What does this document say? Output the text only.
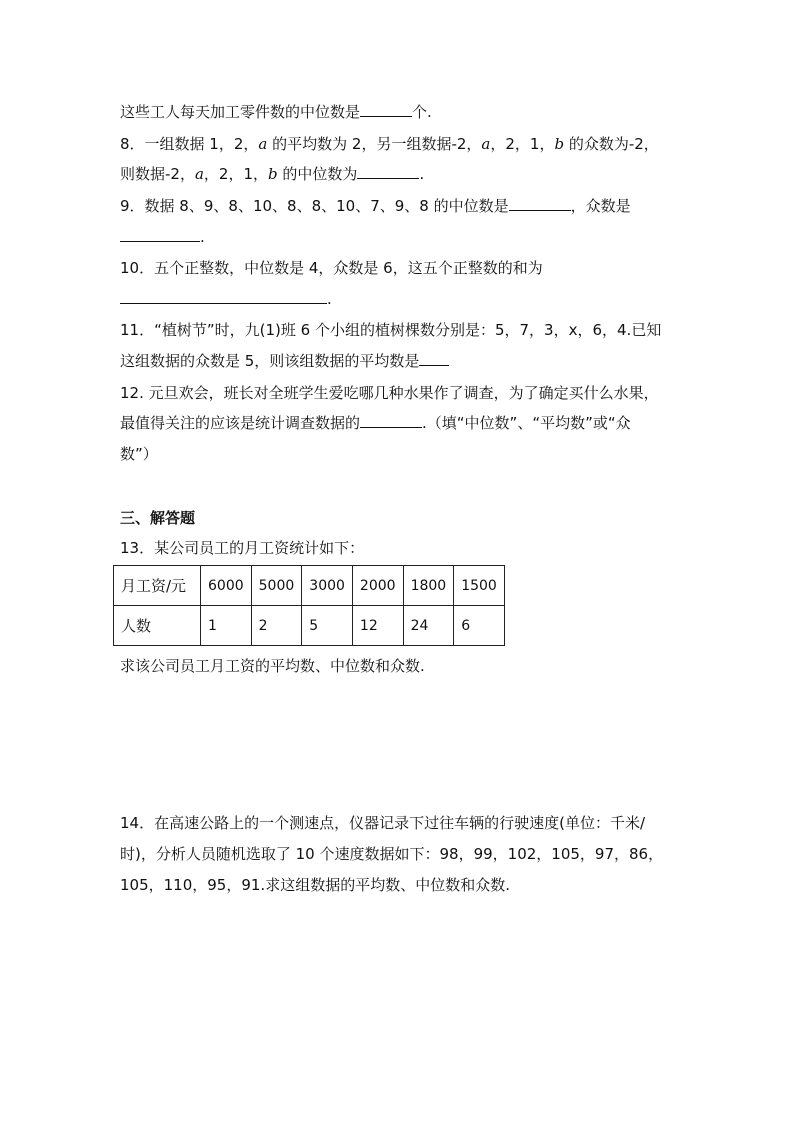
这些工人每天加工零件数的中位数是	个.
8．一组数据 1，2，a 的平均数为 2，另一组数据-2，a，2，1，b 的众数为-2，
则数据-2，a，2，1，b 的中位数为	.
9．数据 8、9、8、10、8、8、10、7、9、8 的中位数是	，众数是
.
10．五个正整数，中位数是 4，众数是 6，这五个正整数的和为
.
11．“植树节”时，九(1)班 6 个小组的植树棵数分别是：5，7，3，x，6，4.已知
这组数据的众数是 5，则该组数据的平均数是
12. 元旦欢会，班长对全班学生爱吃哪几种水果作了调查，为了确定买什么水果，
最值得关注的应该是统计调查数据的	.（填“中位数”、“平均数”或“众
数”）
三、解答题
13．某公司员工的月工资统计如下：
月工资/元	6000	5000	3000	2000	1800	1500
人数	1	2	5	12	24	6
求该公司员工月工资的平均数、中位数和众数.
14．在高速公路上的一个测速点，仪器记录下过往车辆的行驶速度(单位：千米/
时)，分析人员随机选取了 10 个速度数据如下：98，99，102，105，97，86，
105，110，95，91.求这组数据的平均数、中位数和众数.
